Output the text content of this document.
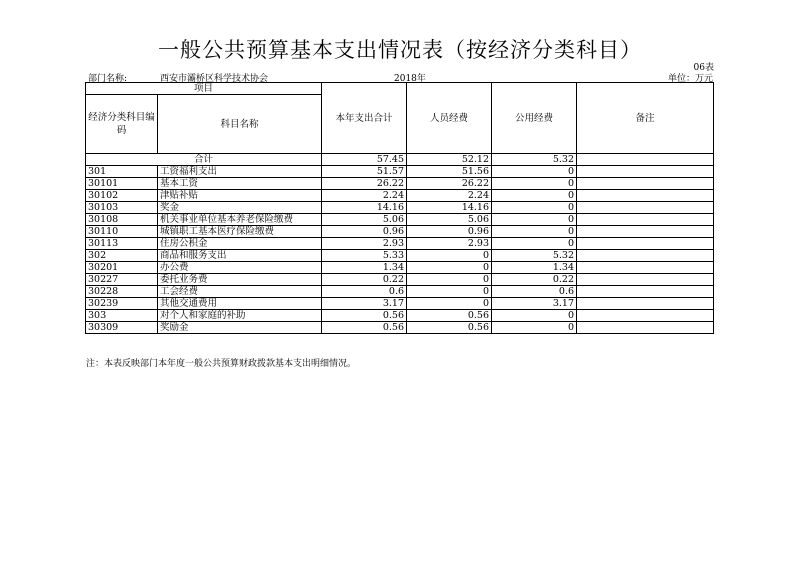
一般公共预算基本支出情况表（按经济分类科目）
06表
部门名称:	西安市灞桥区科学技术协会	2018年	单位：万元
项目		本年支出合计	人员经费	公用经费	备注
经济分类科目编码	科目名称				
合计		57.45	52.12	5.32	
301	工资福利支出	51.57	51.56	0	
30101	基本工资	26.22	26.22	0	
30102	津贴补贴	2.24	2.24	0	
30103	奖金	14.16	14.16	0	
30108	机关事业单位基本养老保险缴费	5.06	5.06	0	
30110	城镇职工基本医疗保险缴费	0.96	0.96	0	
30113	住房公积金	2.93	2.93	0	
302	商品和服务支出	5.33	0	5.32	
30201	办公费	1.34	0	1.34	
30227	委托业务费	0.22	0	0.22	
30228	工会经费	0.6	0	0.6	
30239	其他交通费用	3.17	0	3.17	
303	对个人和家庭的补助	0.56	0.56	0	
30309	奖励金	0.56	0.56	0	
注：本表反映部门本年度一般公共预算财政拨款基本支出明细情况。
